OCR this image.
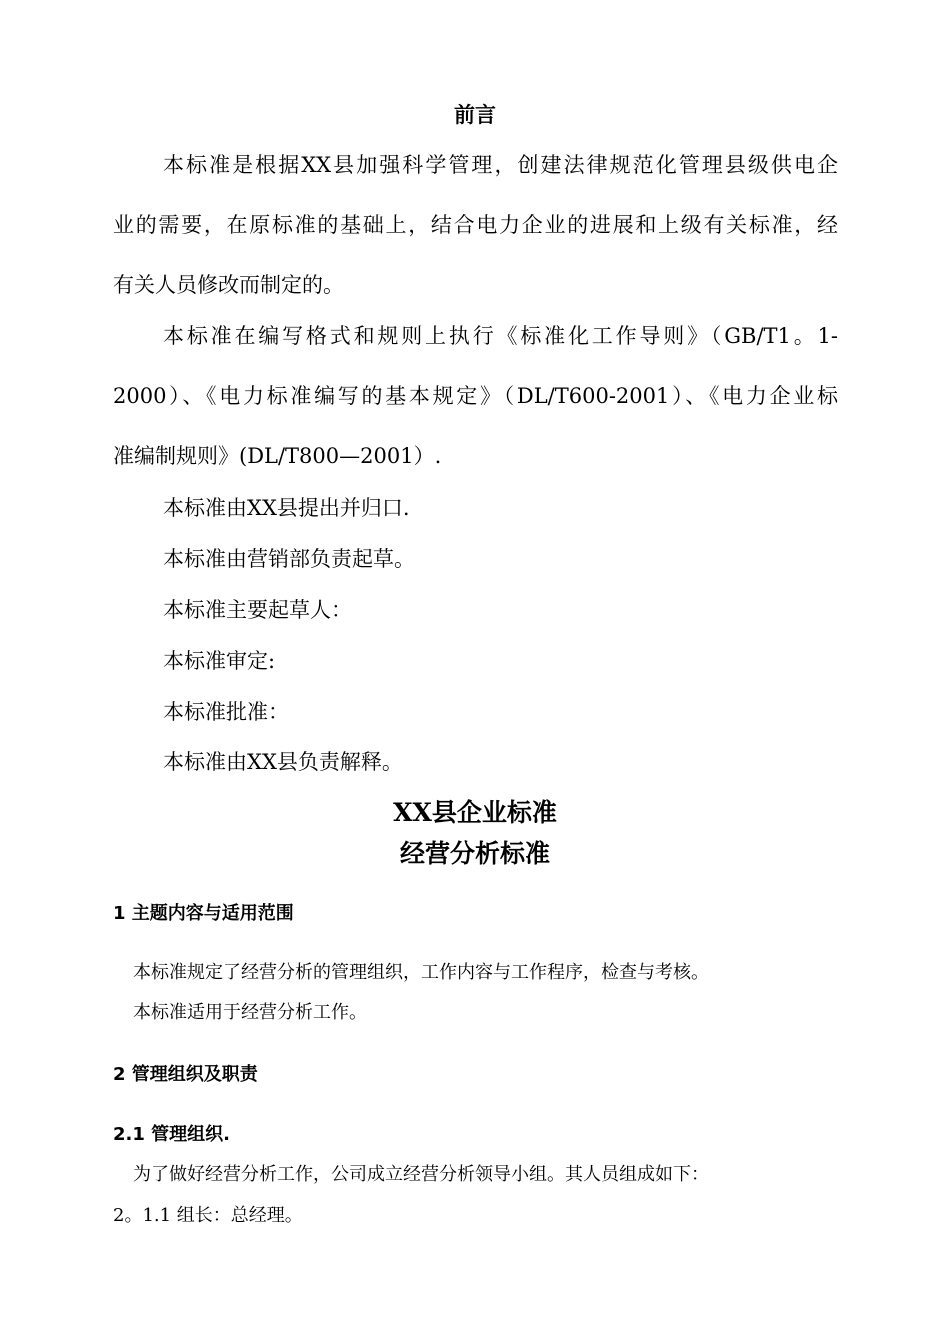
前言
本标准是根据XX县加强科学管理，创建法律规范化管理县级供电企
业的需要，在原标准的基础上，结合电力企业的进展和上级有关标准，经
有关人员修改而制定的。
本标准在编写格式和规则上执行《标准化工作导则》（GB/T1。1-
2000）、《电力标准编写的基本规定》（DL/T600-2001）、《电力企业标
准编制规则》(DL/T800—2001）.
本标准由XX县提出并归口.
本标准由营销部负责起草。
本标准主要起草人：
本标准审定:
本标准批准：
本标准由XX县负责解释。
XX县企业标准
经营分析标准
1 主题内容与适用范围
本标准规定了经营分析的管理组织，工作内容与工作程序，检查与考核。
本标准适用于经营分析工作。
2 管理组织及职责
2.1 管理组织.
为了做好经营分析工作，公司成立经营分析领导小组。其人员组成如下：
2。1.1 组长：总经理。
